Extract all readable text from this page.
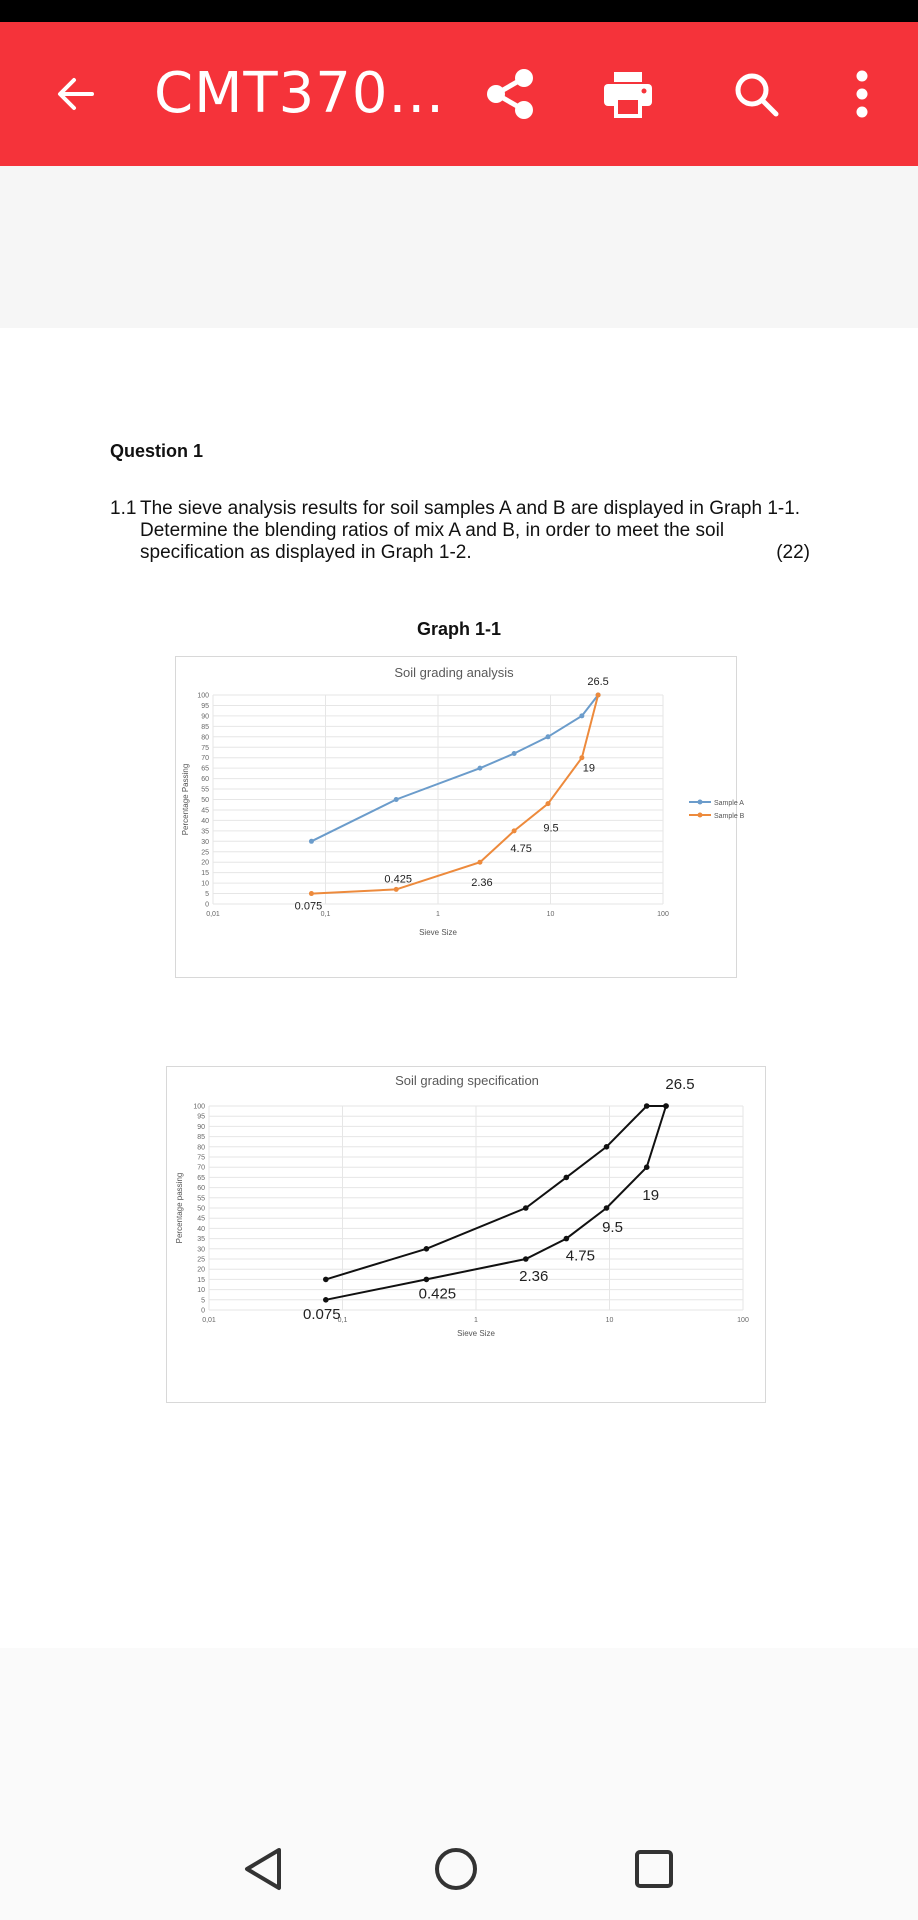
CMT370...
Question 1
1.1 The sieve analysis results for soil samples A and B are displayed in Graph 1-1.
Determine the blending ratios of mix A and B, in order to meet the soil
specification as displayed in Graph 1-2.	(22)
Graph 1-1
Soil grading analysis
0
5
10
15
20
25
30
35
40
45
50
55
60
65
70
75
80
85
90
95
100
0,01	0,1	1	10	100
Sieve Size
Percentage Passing
0.075
0.425	2.36
4.75
9.5
19
26.5
Sample A
Sample B
Soil grading specification
0
5
10
15
20
25
30
35
40
45
50
55
60
65
70
75
80
85
90
95
100
0,01	0,1	1	10	100
Sieve Size
Percentage passing
0.075
0.425
2.36
4.75
9.5
19
26.5
